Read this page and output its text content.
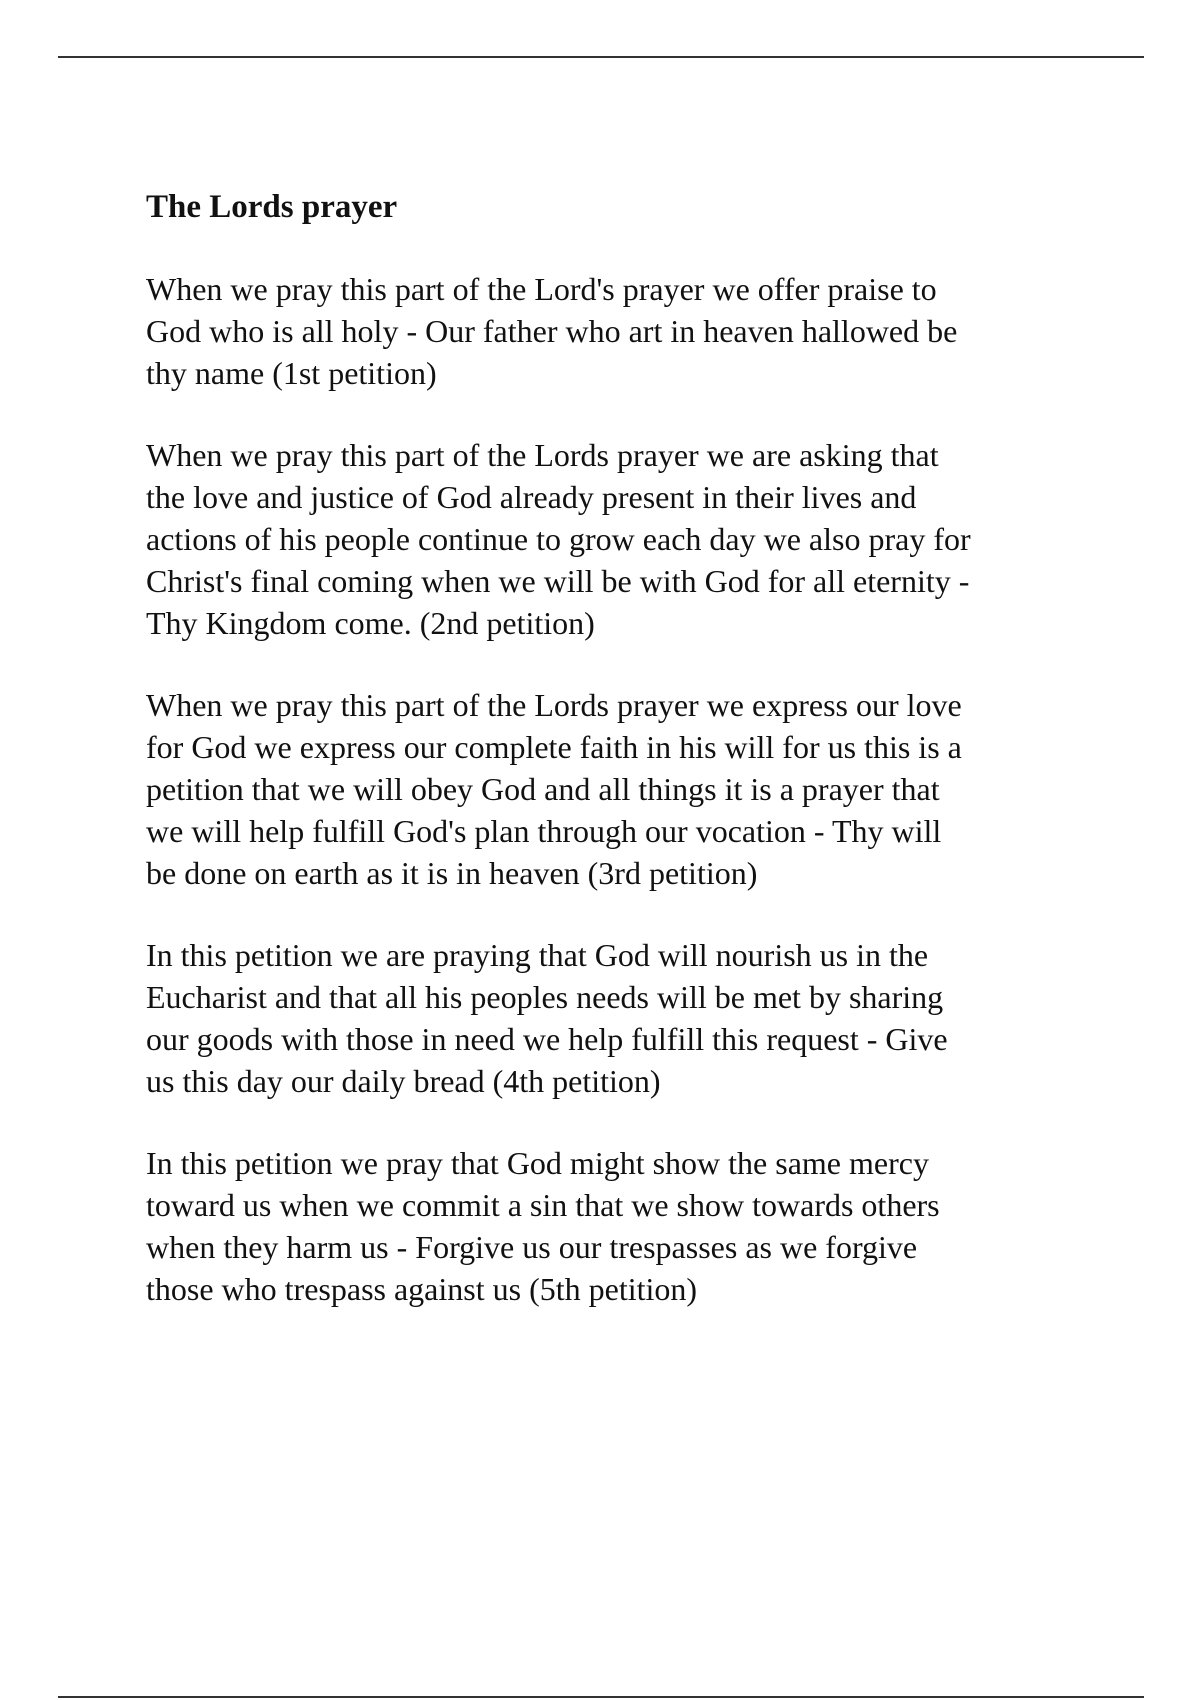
The Lords prayer
When we pray this part of the Lord's prayer we offer praise to
God who is all holy - Our father who art in heaven hallowed be
thy name (1st petition)
When we pray this part of the Lords prayer we are asking that
the love and justice of God already present in their lives and
actions of his people continue to grow each day we also pray for
Christ's final coming when we will be with God for all eternity -
Thy Kingdom come. (2nd petition)
When we pray this part of the Lords prayer we express our love
for God we express our complete faith in his will for us this is a
petition that we will obey God and all things it is a prayer that
we will help fulfill God's plan through our vocation - Thy will
be done on earth as it is in heaven (3rd petition)
In this petition we are praying that God will nourish us in the
Eucharist and that all his peoples needs will be met by sharing
our goods with those in need we help fulfill this request - Give
us this day our daily bread (4th petition)
In this petition we pray that God might show the same mercy
toward us when we commit a sin that we show towards others
when they harm us - Forgive us our trespasses as we forgive
those who trespass against us (5th petition)
